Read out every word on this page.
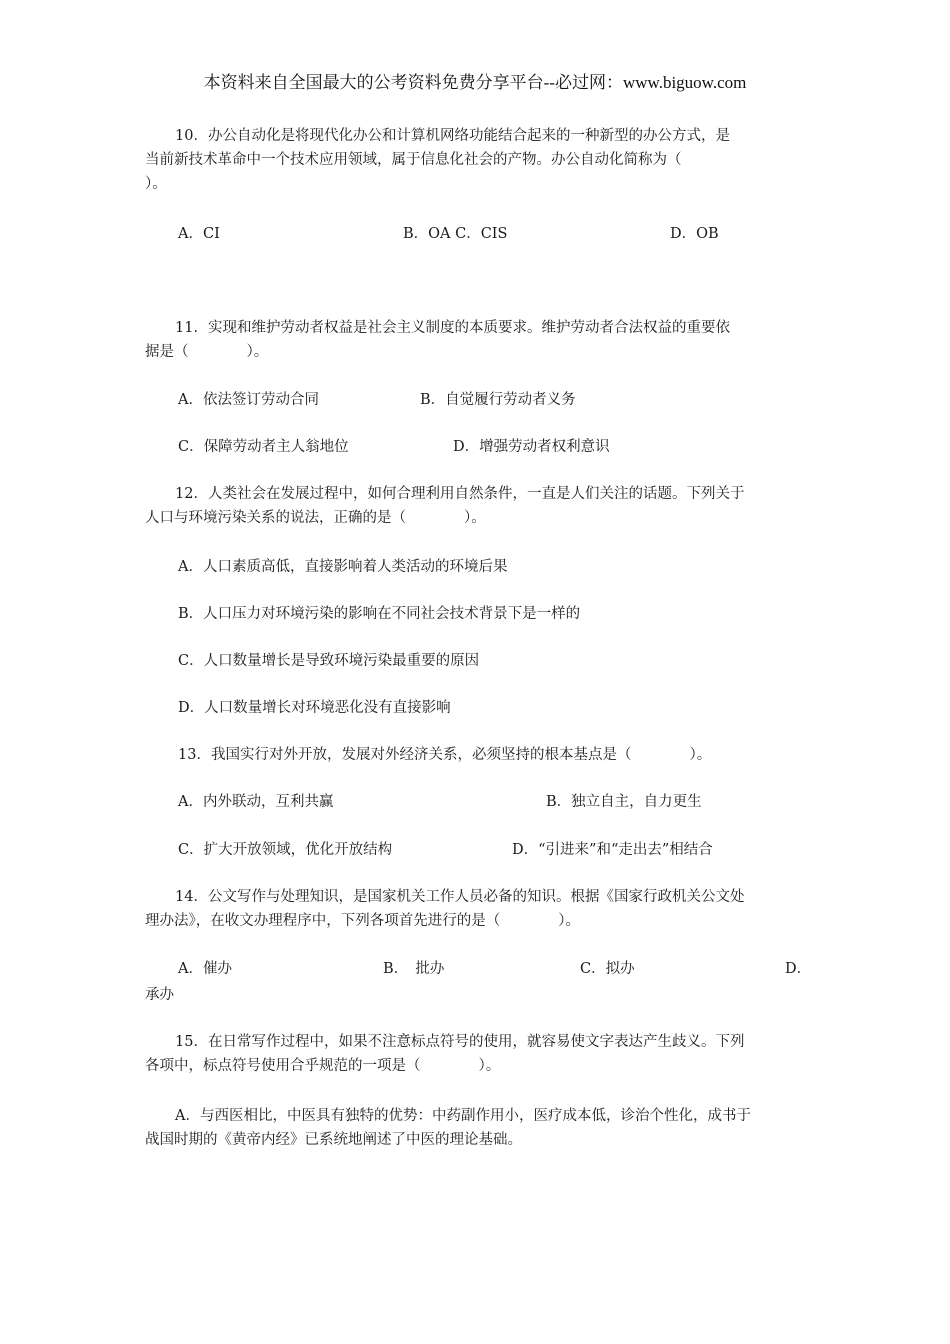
本资料来自全国最大的公考资料免费分享平台--必过网：www.biguow.com
10．办公自动化是将现代化办公和计算机网络功能结合起来的一种新型的办公方式，是
当前新技术革命中一个技术应用领域，属于信息化社会的产物。办公自动化简称为（
）。
A．CI	B．OA C．CIS	D．OB
11．实现和维护劳动者权益是社会主义制度的本质要求。维护劳动者合法权益的重要依
据是（　　　　）。
A．依法签订劳动合同	B．自觉履行劳动者义务
C．保障劳动者主人翁地位	D．增强劳动者权利意识
12．人类社会在发展过程中，如何合理利用自然条件，一直是人们关注的话题。下列关于
人口与环境污染关系的说法，正确的是（　　　　）。
A．人口素质高低，直接影响着人类活动的环境后果
B．人口压力对环境污染的影响在不同社会技术背景下是一样的
C．人口数量增长是导致环境污染最重要的原因
D．人口数量增长对环境恶化没有直接影响
13．我国实行对外开放，发展对外经济关系，必须坚持的根本基点是（　　　　）。
A．内外联动，互利共赢	B．独立自主，自力更生
C．扩大开放领域，优化开放结构	D．“引进来”和“走出去”相结合
14．公文写作与处理知识，是国家机关工作人员必备的知识。根据《国家行政机关公文处
理办法》，在收文办理程序中，下列各项首先进行的是（　　　　）。
A．催办	B．　批办	C．拟办	D．
承办
15．在日常写作过程中，如果不注意标点符号的使用，就容易使文字表达产生歧义。下列
各项中，标点符号使用合乎规范的一项是（　　　　）。
A．与西医相比，中医具有独特的优势：中药副作用小，医疗成本低，诊治个性化，成书于
战国时期的《黄帝内经》已系统地阐述了中医的理论基础。
